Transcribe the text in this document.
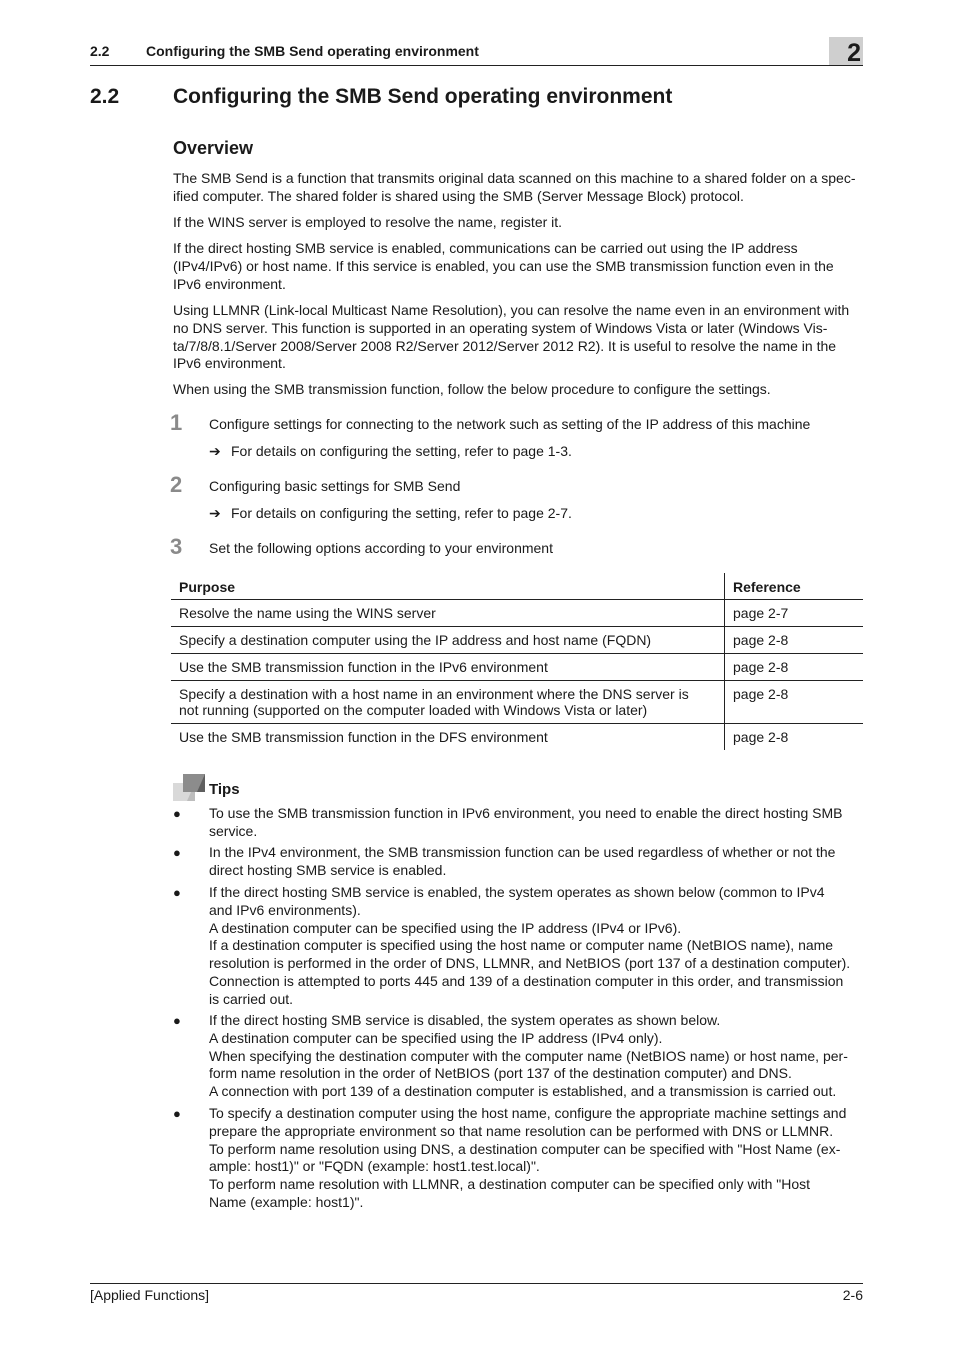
2.2	Configuring the SMB Send operating environment	2
2.2	Configuring the SMB Send operating environment
Overview
The SMB Send is a function that transmits original data scanned on this machine to a shared folder on a spec-
ified computer. The shared folder is shared using the SMB (Server Message Block) protocol.
If the WINS server is employed to resolve the name, register it.
If the direct hosting SMB service is enabled, communications can be carried out using the IP address
(IPv4/IPv6) or host name. If this service is enabled, you can use the SMB transmission function even in the
IPv6 environment.
Using LLMNR (Link-local Multicast Name Resolution), you can resolve the name even in an environment with
no DNS server. This function is supported in an operating system of Windows Vista or later (Windows Vis-
ta/7/8/8.1/Server 2008/Server 2008 R2/Server 2012/Server 2012 R2). It is useful to resolve the name in the
IPv6 environment.
When using the SMB transmission function, follow the below procedure to configure the settings.
1 Configure settings for connecting to the network such as setting of the IP address of this machine
➔ For details on configuring the setting, refer to page 1-3.
2 Configuring basic settings for SMB Send
➔ For details on configuring the setting, refer to page 2-7.
3 Set the following options according to your environment
Purpose	Reference

Resolve the name using the WINS server	page 2-7

Specify a destination computer using the IP address and host name (FQDN)	page 2-8

Use the SMB transmission function in the IPv6 environment	page 2-8

Specify a destination with a host name in an environment where the DNS server is
not running (supported on the computer loaded with Windows Vista or later)	page 2-8

Use the SMB transmission function in the DFS environment	page 2-8
Tips
● To use the SMB transmission function in IPv6 environment, you need to enable the direct hosting SMB
service.
● In the IPv4 environment, the SMB transmission function can be used regardless of whether or not the
direct hosting SMB service is enabled.
● If the direct hosting SMB service is enabled, the system operates as shown below (common to IPv4
and IPv6 environments).
A destination computer can be specified using the IP address (IPv4 or IPv6).
If a destination computer is specified using the host name or computer name (NetBIOS name), name
resolution is performed in the order of DNS, LLMNR, and NetBIOS (port 137 of a destination computer).
Connection is attempted to ports 445 and 139 of a destination computer in this order, and transmission
is carried out.
● If the direct hosting SMB service is disabled, the system operates as shown below.
A destination computer can be specified using the IP address (IPv4 only).
When specifying the destination computer with the computer name (NetBIOS name) or host name, per-
form name resolution in the order of NetBIOS (port 137 of the destination computer) and DNS.
A connection with port 139 of a destination computer is established, and a transmission is carried out.
● To specify a destination computer using the host name, configure the appropriate machine settings and
prepare the appropriate environment so that name resolution can be performed with DNS or LLMNR.
To perform name resolution using DNS, a destination computer can be specified with "Host Name (ex-
ample: host1)" or "FQDN (example: host1.test.local)".
To perform name resolution with LLMNR, a destination computer can be specified only with "Host
Name (example: host1)".
[Applied Functions]	2-6
